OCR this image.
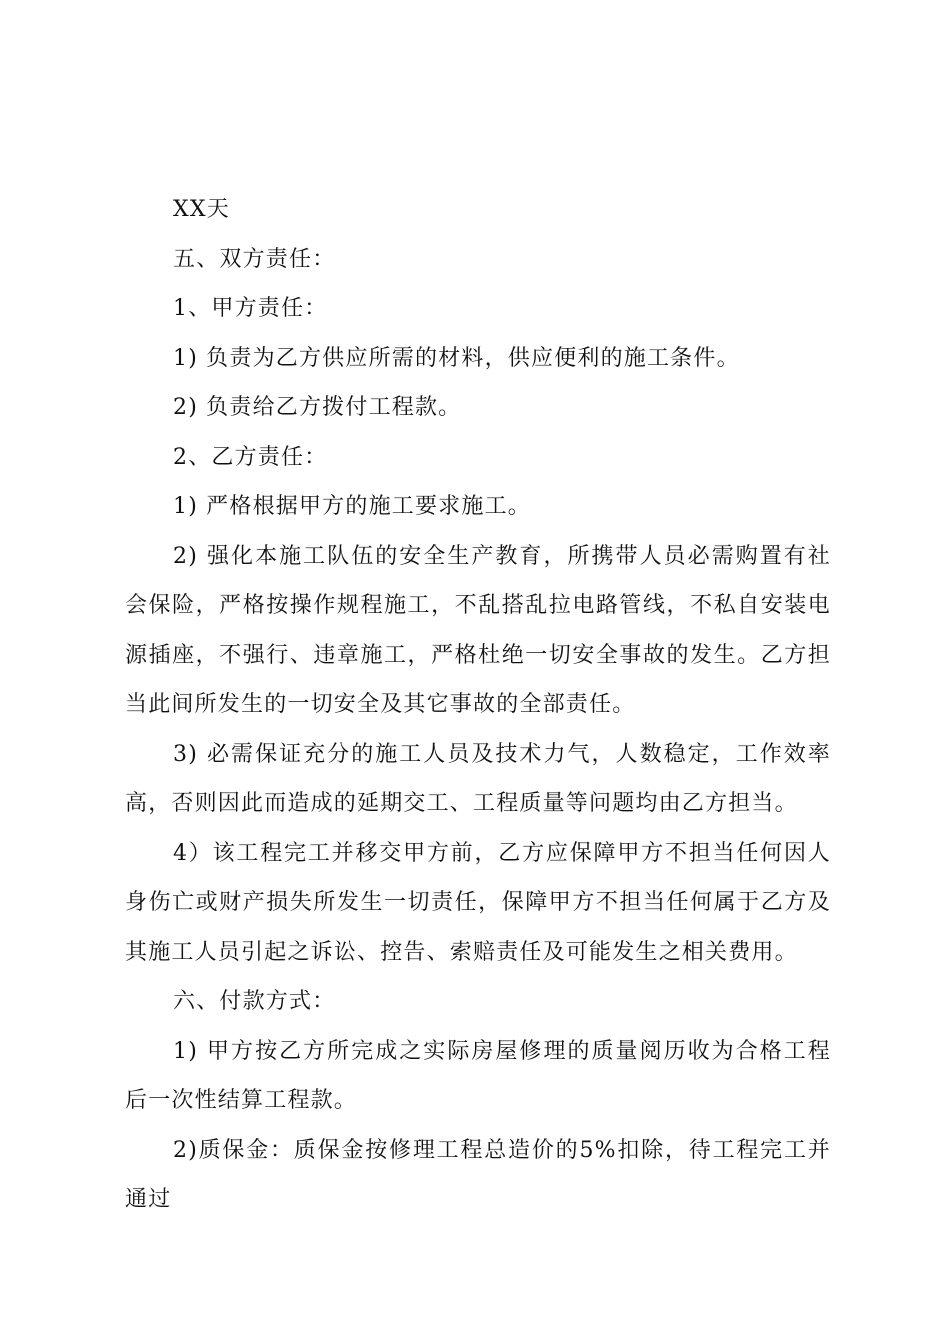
XX天

五、双方责任：

1、甲方责任：

1) 负责为乙方供应所需的材料，供应便利的施工条件。

2) 负责给乙方拨付工程款。

2、乙方责任：

1) 严格根据甲方的施工要求施工。

2) 强化本施工队伍的安全生产教育，所携带人员必需购置有社会保险，严格按操作规程施工，不乱搭乱拉电路管线，不私自安装电源插座，不强行、违章施工，严格杜绝一切安全事故的发生。乙方担当此间所发生的一切安全及其它事故的全部责任。

3) 必需保证充分的施工人员及技术力气，人数稳定，工作效率高，否则因此而造成的延期交工、工程质量等问题均由乙方担当。

4）该工程完工并移交甲方前，乙方应保障甲方不担当任何因人身伤亡或财产损失所发生一切责任，保障甲方不担当任何属于乙方及其施工人员引起之诉讼、控告、索赔责任及可能发生之相关费用。

六、付款方式：

1) 甲方按乙方所完成之实际房屋修理的质量阅历收为合格工程后一次性结算工程款。

2)质保金：质保金按修理工程总造价的5%扣除，待工程完工并通过
